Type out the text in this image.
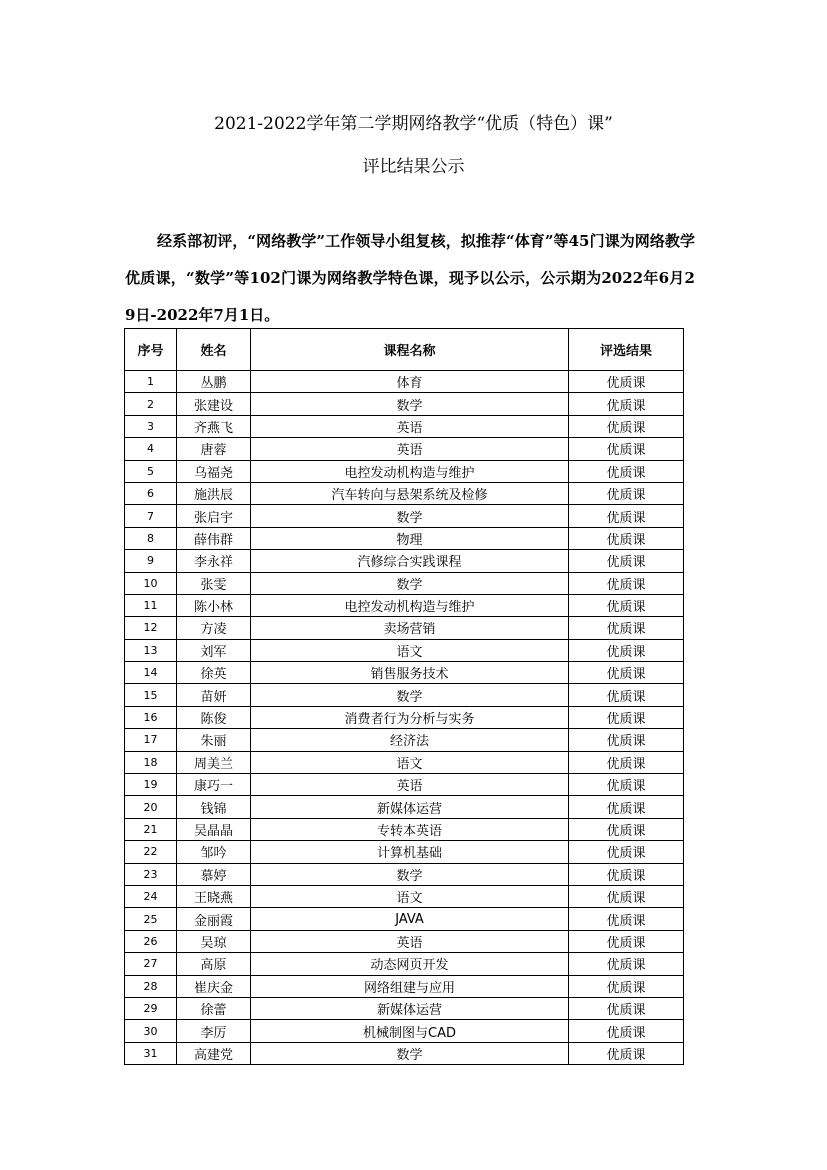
2021-2022学年第二学期网络教学“优质（特色）课”
评比结果公示

经系部初评，“网络教学”工作领导小组复核，拟推荐“体育”等45门课为网络教学优质课，“数学”等102门课为网络教学特色课，现予以公示，公示期为2022年6月29日-2022年7月1日。

序号	姓名	课程名称	评选结果
1	丛鹏	体育	优质课
2	张建设	数学	优质课
3	齐燕飞	英语	优质课
4	唐蓉	英语	优质课
5	乌福尧	电控发动机构造与维护	优质课
6	施洪辰	汽车转向与悬架系统及检修	优质课
7	张启宇	数学	优质课
8	薛伟群	物理	优质课
9	李永祥	汽修综合实践课程	优质课
10	张雯	数学	优质课
11	陈小林	电控发动机构造与维护	优质课
12	方凌	卖场营销	优质课
13	刘军	语文	优质课
14	徐英	销售服务技术	优质课
15	苗妍	数学	优质课
16	陈俊	消费者行为分析与实务	优质课
17	朱丽	经济法	优质课
18	周美兰	语文	优质课
19	康巧一	英语	优质课
20	钱锦	新媒体运营	优质课
21	吴晶晶	专转本英语	优质课
22	邹吟	计算机基础	优质课
23	慕婷	数学	优质课
24	王晓燕	语文	优质课
25	金丽霞	JAVA	优质课
26	吴琼	英语	优质课
27	高原	动态网页开发	优质课
28	崔庆金	网络组建与应用	优质课
29	徐蕾	新媒体运营	优质课
30	李厉	机械制图与CAD	优质课
31	高建党	数学	优质课
